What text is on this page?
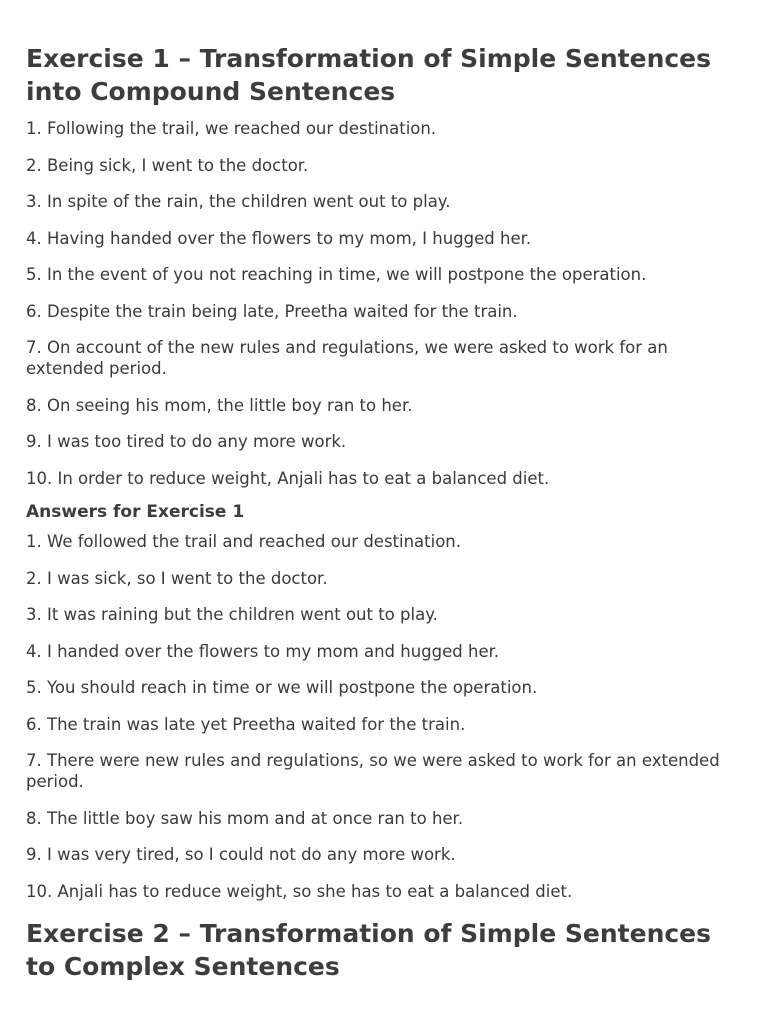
Exercise 1 – Transformation of Simple Sentences into Compound Sentences

1. Following the trail, we reached our destination.

2. Being sick, I went to the doctor.

3. In spite of the rain, the children went out to play.

4. Having handed over the flowers to my mom, I hugged her.

5. In the event of you not reaching in time, we will postpone the operation.

6. Despite the train being late, Preetha waited for the train.

7. On account of the new rules and regulations, we were asked to work for an extended period.

8. On seeing his mom, the little boy ran to her.

9. I was too tired to do any more work.

10. In order to reduce weight, Anjali has to eat a balanced diet.

Answers for Exercise 1

1. We followed the trail and reached our destination.

2. I was sick, so I went to the doctor.

3. It was raining but the children went out to play.

4. I handed over the flowers to my mom and hugged her.

5. You should reach in time or we will postpone the operation.

6. The train was late yet Preetha waited for the train.

7. There were new rules and regulations, so we were asked to work for an extended period.

8. The little boy saw his mom and at once ran to her.

9. I was very tired, so I could not do any more work.

10. Anjali has to reduce weight, so she has to eat a balanced diet.

Exercise 2 – Transformation of Simple Sentences to Complex Sentences
